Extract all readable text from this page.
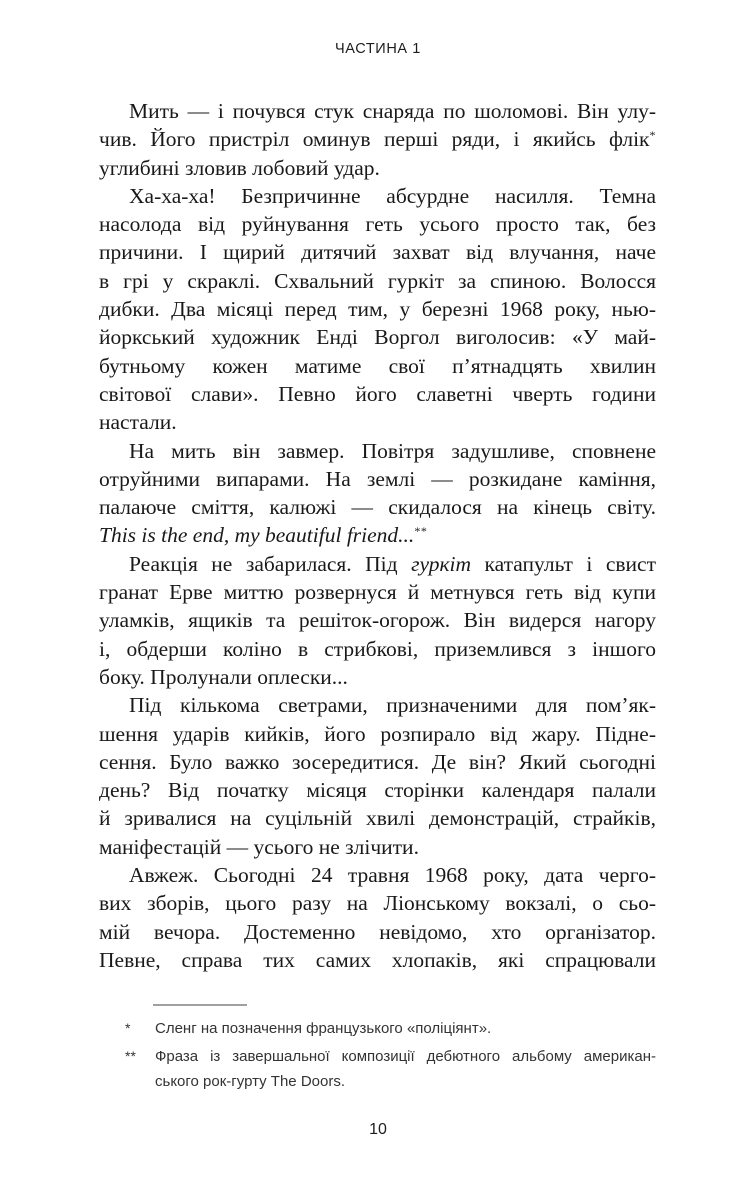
ЧАСТИНА 1
Мить — і почувся стук снаряда по шоломові. Він улу-
чив. Його пристріл оминув перші ряди, і якийсь флік*
углибині зловив лобовий удар.
Ха-ха-ха! Безпричинне абсурдне насилля. Темна
насолода від руйнування геть усього просто так, без
причини. І щирий дитячий захват від влучання, наче
в грі у скраклі. Схвальний гуркіт за спиною. Волосся
дибки. Два місяці перед тим, у березні 1968 року, нью-
йоркський художник Енді Воргол виголосив: «У май-
бутньому кожен матиме свої п’ятнадцять хвилин
світової слави». Певно його славетні чверть години
настали.
На мить він завмер. Повітря задушливе, сповнене
отруйними випарами. На землі — розкидане каміння,
палаюче сміття, калюжі — скидалося на кінець світу.
This is the end, my beautiful friend...**
Реакція не забарилася. Під гуркіт катапульт і свист
гранат Ерве миттю розвернуся й метнувся геть від купи
уламків, ящиків та решіток-огорож. Він видерся нагору
і, обдерши коліно в стрибкові, приземлився з іншого
боку. Пролунали оплески...
Під кількома светрами, призначеними для пом’як-
шення ударів кийків, його розпирало від жару. Підне-
сення. Було важко зосередитися. Де він? Який сьогодні
день? Від початку місяця сторінки календаря палали
й зривалися на суцільній хвилі демонстрацій, страйків,
маніфестацій — усього не злічити.
Авжеж. Сьогодні 24 травня 1968 року, дата черго-
вих зборів, цього разу на Ліонському вокзалі, о сьо-
мій вечора. Достеменно невідомо, хто організатор.
Певне, справа тих самих хлопаків, які спрацювали
*	Сленг на позначення французького «поліціянт».
**	Фраза із завершальної композиції дебютного альбому американ-
ського рок-гурту The Doors.
10
